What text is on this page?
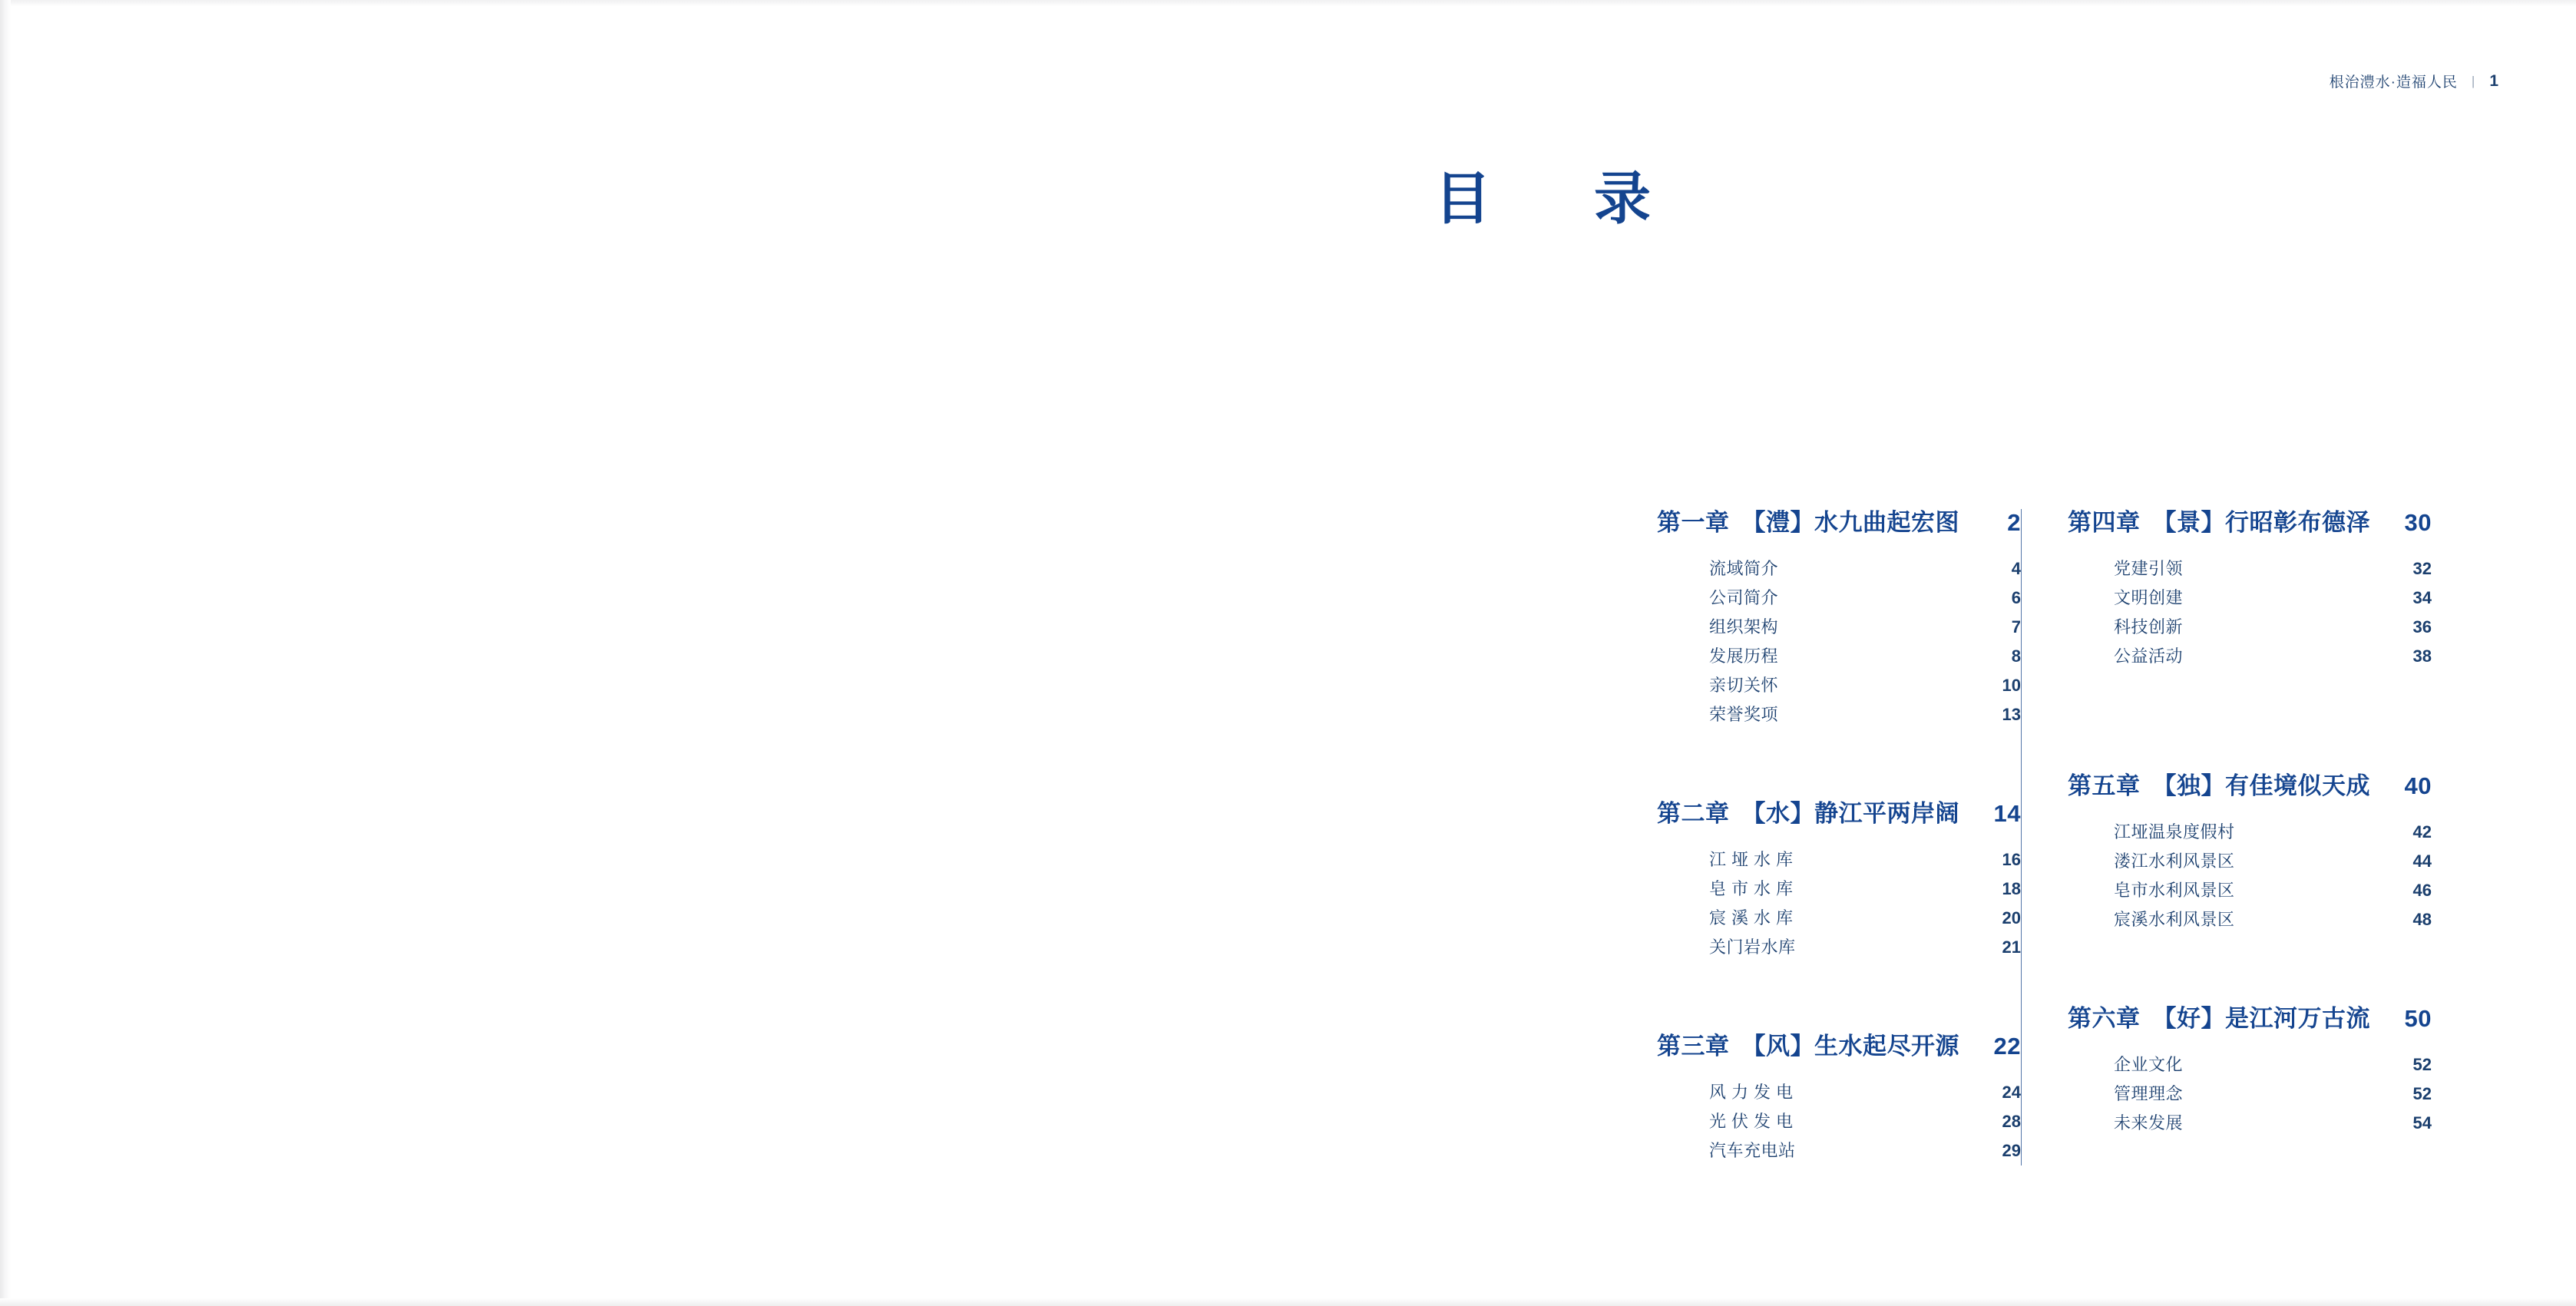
根治澧水·造福人民 | 1
目　录
第一章 【澧】水九曲起宏图	2
流域简介	4
公司简介	6
组织架构	7
发展历程	8
亲切关怀	10
荣誉奖项	13
第二章 【水】静江平两岸阔	14
江垭水库	16
皂市水库	18
宸溪水库	20
关门岩水库	21
第三章 【风】生水起尽开源	22
风力发电	24
光伏发电	28
汽车充电站	29
第四章 【景】行昭彰布德泽	30
党建引领	32
文明创建	34
科技创新	36
公益活动	38
第五章 【独】有佳境似天成	40
江垭温泉度假村	42
溇江水利风景区	44
皂市水利风景区	46
宸溪水利风景区	48
第六章 【好】是江河万古流	50
企业文化	52
管理理念	52
未来发展	54
